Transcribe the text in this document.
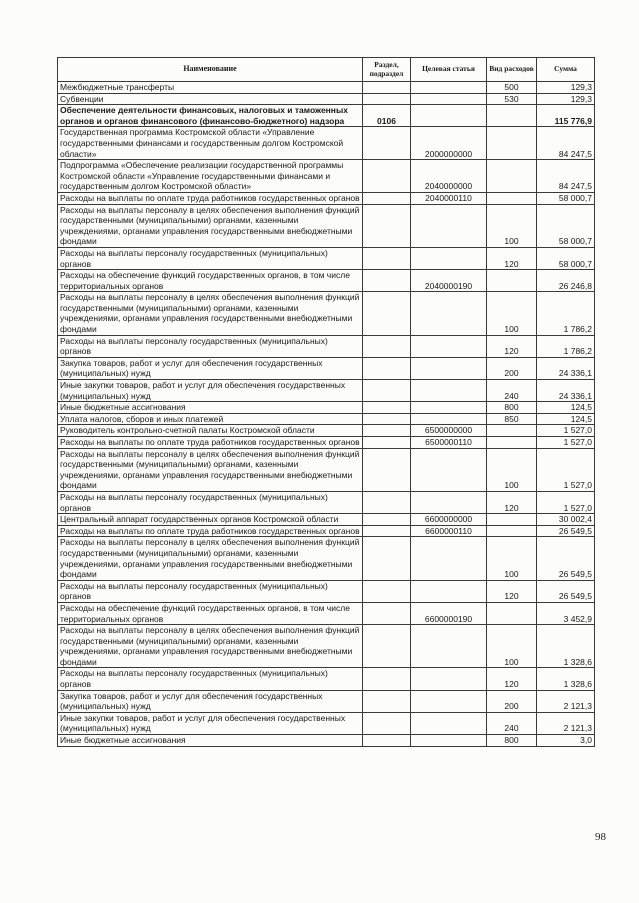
Наименование	Раздел, подраздел	Целевая статья	Вид расходов	Сумма
Межбюджетные трансферты			500	129,3
Субвенции			530	129,3
Обеспечение деятельности финансовых, налоговых и таможенных органов и органов финансового (финансово-бюджетного) надзора	0106			115 776,9
Государственная программа Костромской области «Управление государственными финансами и государственным долгом Костромской области»		2000000000		84 247,5
Подпрограмма «Обеспечение реализации государственной программы Костромской области «Управление государственными финансами и государственным долгом Костромской области»		2040000000		84 247,5
Расходы на выплаты по оплате труда работников государственных органов		2040000110		58 000,7
Расходы на выплаты персоналу в целях обеспечения выполнения функций государственными (муниципальными) органами, казенными учреждениями, органами управления государственными внебюджетными фондами			100	58 000,7
Расходы на выплаты персоналу государственных (муниципальных) органов			120	58 000,7
Расходы на обеспечение функций государственных органов, в том числе территориальных органов		2040000190		26 246,8
Расходы на выплаты персоналу в целях обеспечения выполнения функций государственными (муниципальными) органами, казенными учреждениями, органами управления государственными внебюджетными фондами			100	1 786,2
Расходы на выплаты персоналу государственных (муниципальных) органов			120	1 786,2
Закупка товаров, работ и услуг для обеспечения государственных (муниципальных) нужд			200	24 336,1
Иные закупки товаров, работ и услуг для обеспечения государственных (муниципальных) нужд			240	24 336,1
Иные бюджетные ассигнования			800	124,5
Уплата налогов, сборов и иных платежей			850	124,5
Руководитель контрольно-счетной палаты Костромской области		6500000000		1 527,0
Расходы на выплаты по оплате труда работников государственных органов		6500000110		1 527,0
Расходы на выплаты персоналу в целях обеспечения выполнения функций государственными (муниципальными) органами, казенными учреждениями, органами управления государственными внебюджетными фондами			100	1 527,0
Расходы на выплаты персоналу государственных (муниципальных) органов			120	1 527,0
Центральный аппарат государственных органов Костромской области		6600000000		30 002,4
Расходы на выплаты по оплате труда работников государственных органов		6600000110		26 549,5
Расходы на выплаты персоналу в целях обеспечения выполнения функций государственными (муниципальными) органами, казенными учреждениями, органами управления государственными внебюджетными фондами			100	26 549,5
Расходы на выплаты персоналу государственных (муниципальных) органов			120	26 549,5
Расходы на обеспечение функций государственных органов, в том числе территориальных органов		6600000190		3 452,9
Расходы на выплаты персоналу в целях обеспечения выполнения функций государственными (муниципальными) органами, казенными учреждениями, органами управления государственными внебюджетными фондами			100	1 328,6
Расходы на выплаты персоналу государственных (муниципальных) органов			120	1 328,6
Закупка товаров, работ и услуг для обеспечения государственных (муниципальных) нужд			200	2 121,3
Иные закупки товаров, работ и услуг для обеспечения государственных (муниципальных) нужд			240	2 121,3
Иные бюджетные ассигнования			800	3,0
98
